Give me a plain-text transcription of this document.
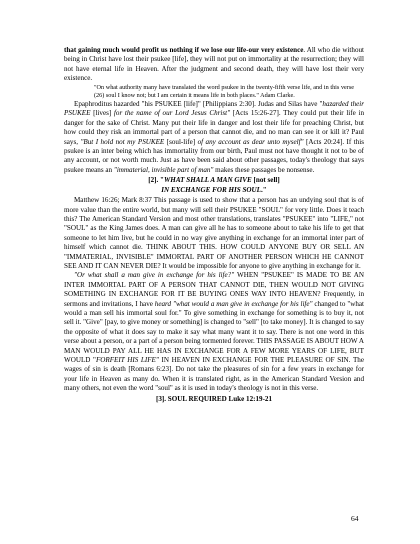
that gaining much would profit us nothing if we lose our life-our very existence. All who die without being in Christ have lost their psukee [life], they will not put on immortality at the resurrection; they will not have eternal life in Heaven. After the judgment and second death, they will have lost their very existence.

"On what authority many have translated the word psukee in the twenty-fifth verse life, and in this verse (26) soul I know not; but I am certain it means life in both places." Adam Clarke.

Epaphroditus hazarded "his PSUKEE [life]" [Philippians 2:30]. Judas and Silas have "hazarded their PSUKEE [lives] for the name of our Lord Jesus Christ" [Acts 15:26-27]. They could put their life in danger for the sake of Christ. Many put their life in danger and lost their life for preaching Christ, but how could they risk an immortal part of a person that cannot die, and no man can see it or kill it? Paul says, "But I hold not my PSUKEE [soul-life] of any account as dear unto myself" [Acts 20:24]. If this psukee is an inter being which has immortality from our birth, Paul must not have thought it not to be of any account, or not worth much. Just as have been said about other passages, today's theology that says psukee means an "immaterial, invisible part of man" makes these passages be nonsense.

[2]. "WHAT SHALL A MAN GIVE [not sell]
IN EXCHANGE FOR HIS SOUL."

Matthew 16:26; Mark 8:37 This passage is used to show that a person has an undying soul that is of more value than the entire world, but many will sell their PSUKEE "SOUL" for very little. Does it teach this? The American Standard Version and most other translations, translates "PSUKEE" into "LIFE," not "SOUL" as the King James does. A man can give all he has to someone about to take his life to get that someone to let him live, but he could in no way give anything in exchange for an immortal inter part of himself which cannot die. THINK ABOUT THIS. HOW COULD ANYONE BUY OR SELL AN "IMMATERIAL, INVISIBLE" IMMORTAL PART OF ANOTHER PERSON WHICH HE CANNOT SEE AND IT CAN NEVER DIE? It would be impossible for anyone to give anything in exchange for it.

"Or what shall a man give in exchange for his life?" WHEN "PSUKEE" IS MADE TO BE AN INTER IMMORTAL PART OF A PERSON THAT CANNOT DIE, THEN WOULD NOT GIVING SOMETHING IN EXCHANGE FOR IT BE BUYING ONES WAY INTO HEAVEN? Frequently, in sermons and invitations, I have heard "what would a man give in exchange for his life" changed to "what would a man sell his immortal soul for." To give something in exchange for something is to buy it, not sell it. "Give" [pay, to give money or something] is changed to "sell" [to take money]. It is changed to say the opposite of what it does say to make it say what many want it to say. There is not one word in this verse about a person, or a part of a person being tormented forever. THIS PASSAGE IS ABOUT HOW A MAN WOULD PAY ALL HE HAS IN EXCHANGE FOR A FEW MORE YEARS OF LIFE, BUT WOULD "FORFEIT HIS LIFE" IN HEAVEN IN EXCHANGE FOR THE PLEASURE OF SIN. The wages of sin is death [Romans 6:23]. Do not take the pleasures of sin for a few years in exchange for your life in Heaven as many do. When it is translated right, as in the American Standard Version and many others, not even the word "soul" as it is used in today's theology is not in this verse.

[3]. SOUL REQUIRED Luke 12:19-21

64
